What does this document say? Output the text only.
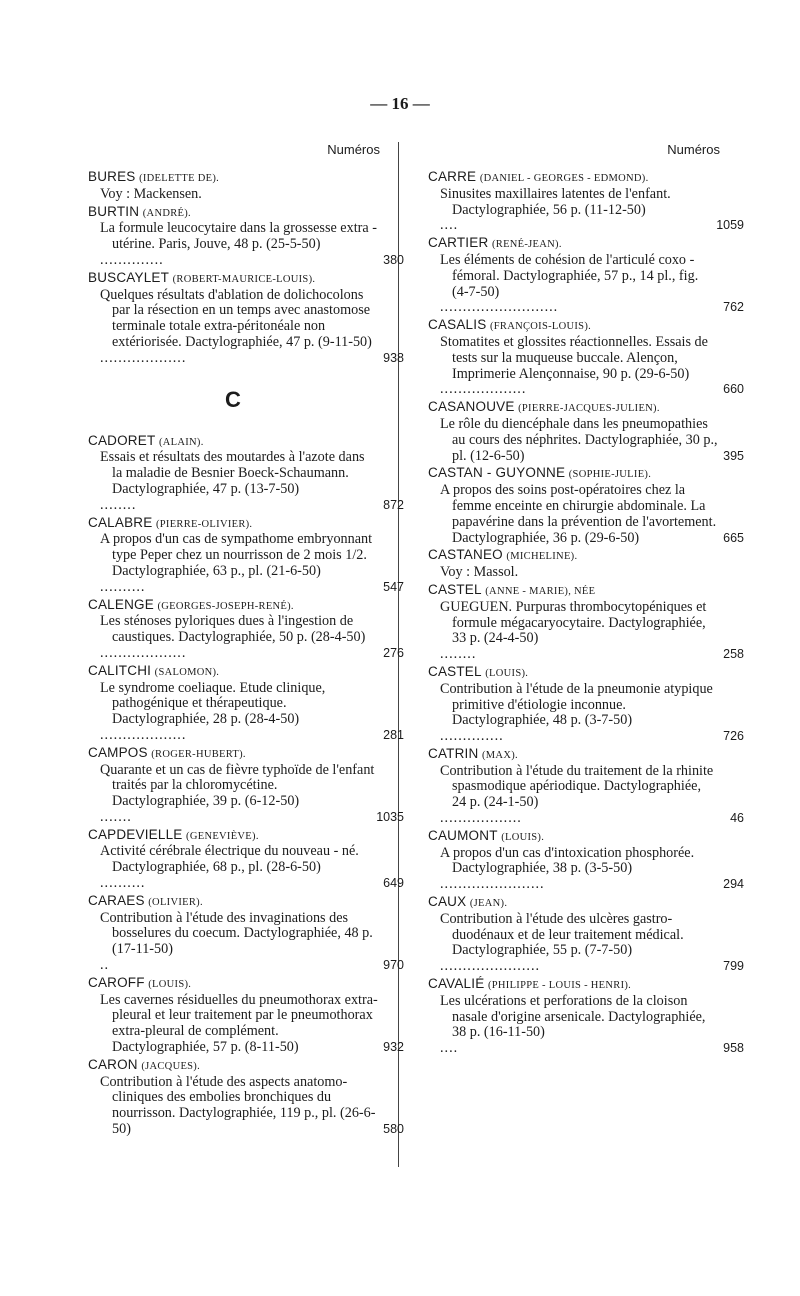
— 16 —
Numéros
BURES (IDELETTE DE).
Voy : Mackensen.
BURTIN (ANDRÉ).
La formule leucocytaire dans la grossesse extra - utérine. Paris, Jouve, 48 p. (25-5-50)
..............	380
BUSCAYLET (ROBERT-MAURICE-LOUIS).
Quelques résultats d'ablation de dolichocolons par la résection en un temps avec anastomose terminale totale extra-péritonéale non extériorisée. Dactylographiée, 47 p. (9-11-50)
...................	938
C
CADORET (ALAIN).
Essais et résultats des moutardes à l'azote dans la maladie de Besnier Boeck-Schaumann. Dactylographiée, 47 p. (13-7-50)
........	872
CALABRE (PIERRE-OLIVIER).
A propos d'un cas de sympathome embryonnant type Peper chez un nourrisson de 2 mois 1/2. Dactylographiée, 63 p., pl. (21-6-50)
..........	547
CALENGE (GEORGES-JOSEPH-RENÉ).
Les sténoses pyloriques dues à l'ingestion de caustiques. Dactylographiée, 50 p. (28-4-50)
...................	276
CALITCHI (SALOMON).
Le syndrome coeliaque. Etude clinique, pathogénique et thérapeutique. Dactylographiée, 28 p. (28-4-50)
...................	281
CAMPOS (ROGER-HUBERT).
Quarante et un cas de fièvre typhoïde de l'enfant traités par la chloromycétine. Dactylographiée, 39 p. (6-12-50)
.......	1035
CAPDEVIELLE (GENEVIÈVE).
Activité cérébrale électrique du nouveau - né. Dactylographiée, 68 p., pl. (28-6-50)
..........	649
CARAES (OLIVIER).
Contribution à l'étude des invaginations des bosselures du coecum. Dactylographiée, 48 p. (17-11-50)
..	970
CAROFF (LOUIS).
Les cavernes résiduelles du pneumothorax extra-pleural et leur traitement par le pneumothorax extra-pleural de complément. Dactylographiée, 57 p. (8-11-50)	932
CARON (JACQUES).
Contribution à l'étude des aspects anatomo-cliniques des embolies bronchiques du nourrisson. Dactylographiée, 119 p., pl. (26-6-50)	580
Numéros
CARRE (DANIEL - GEORGES - EDMOND).
Sinusites maxillaires latentes de l'enfant. Dactylographiée, 56 p. (11-12-50)
....	1059
CARTIER (RENÉ-JEAN).
Les éléments de cohésion de l'articulé coxo - fémoral. Dactylographiée, 57 p., 14 pl., fig. (4-7-50)
..........................	762
CASALIS (FRANÇOIS-LOUIS).
Stomatites et glossites réactionnelles. Essais de tests sur la muqueuse buccale. Alençon, Imprimerie Alençonnaise, 90 p. (29-6-50)
...................	660
CASANOUVE (PIERRE-JACQUES-JULIEN).
Le rôle du diencéphale dans les pneumopathies au cours des néphrites. Dactylographiée, 30 p., pl. (12-6-50)	395
CASTAN - GUYONNE (SOPHIE-JULIE).
A propos des soins post-opératoires chez la femme enceinte en chirurgie abdominale. La papavérine dans la prévention de l'avortement. Dactylographiée, 36 p. (29-6-50)	665
CASTANEO (MICHELINE).
Voy : Massol.
CASTEL (ANNE - MARIE), NÉE
GUEGUEN. Purpuras thrombocytopéniques et formule mégacaryocytaire. Dactylographiée, 33 p. (24-4-50)
........	258
CASTEL (LOUIS).
Contribution à l'étude de la pneumonie atypique primitive d'étiologie inconnue. Dactylographiée, 48 p. (3-7-50)
..............	726
CATRIN (MAX).
Contribution à l'étude du traitement de la rhinite spasmodique apériodique. Dactylographiée, 24 p. (24-1-50)
..................	46
CAUMONT (LOUIS).
A propos d'un cas d'intoxication phosphorée. Dactylographiée, 38 p. (3-5-50)
.......................	294
CAUX (JEAN).
Contribution à l'étude des ulcères gastro-duodénaux et de leur traitement médical. Dactylographiée, 55 p. (7-7-50)
......................	799
CAVALIÉ (PHILIPPE - LOUIS - HENRI).
Les ulcérations et perforations de la cloison nasale d'origine arsenicale. Dactylographiée, 38 p. (16-11-50)
....	958
